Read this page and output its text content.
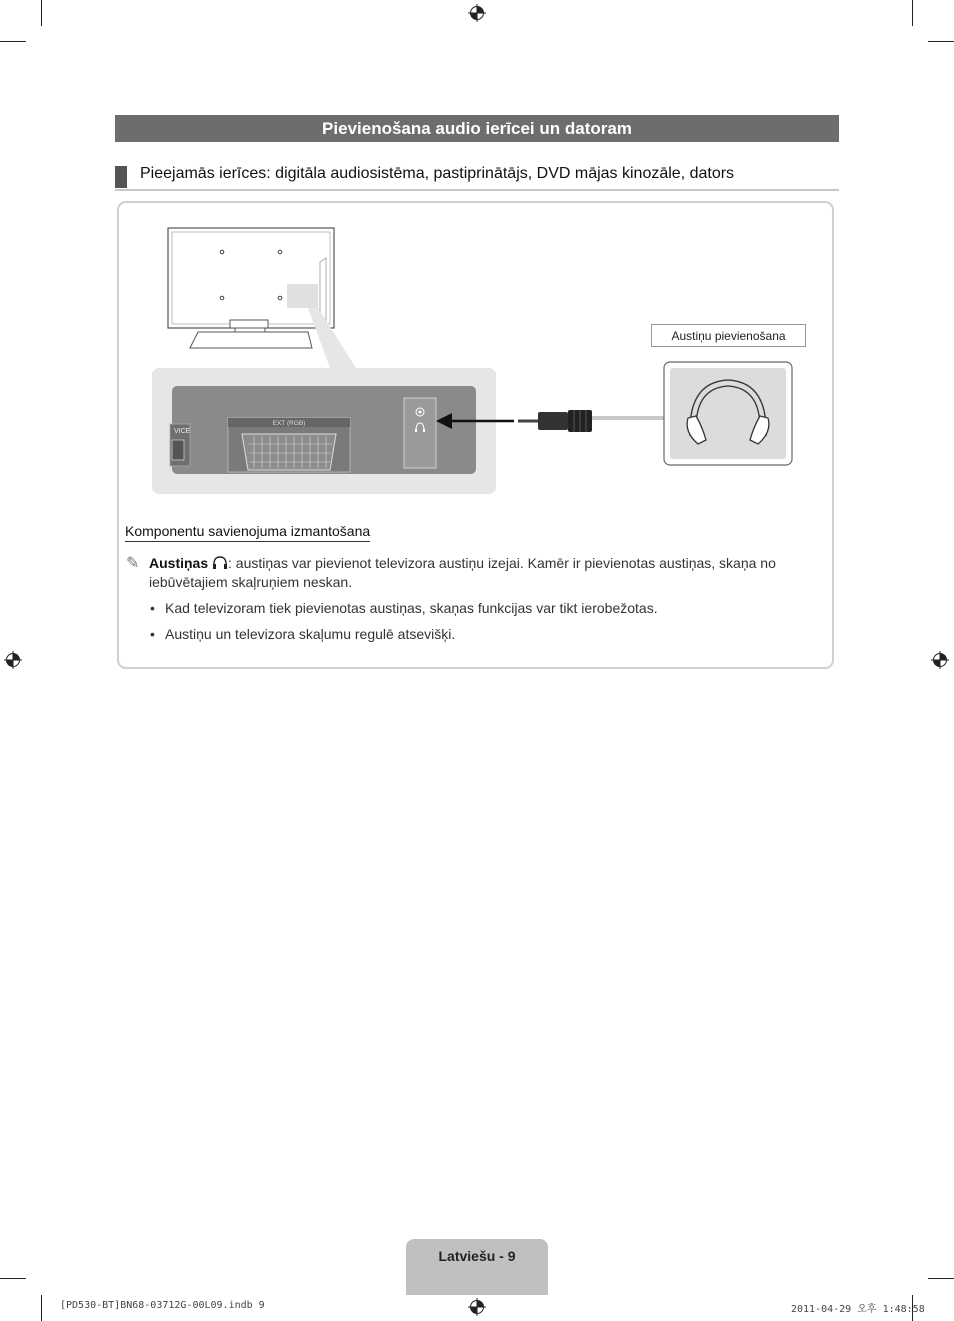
Pievienošana audio ierīcei un datoram
Pieejamās ierīces: digitāla audiosistēma, pastiprinātājs, DVD mājas kinozāle, dators
VICE
EXT (RGB)
Austiņu pievienošana
Komponentu savienojuma izmantošana
✎ Austiņas : austiņas var pievienot televizora austiņu izejai. Kamēr ir pievienotas austiņas, skaņa no iebūvētajiem skaļruņiem neskan.
• Kad televizoram tiek pievienotas austiņas, skaņas funkcijas var tikt ierobežotas.
• Austiņu un televizora skaļumu regulē atsevišķi.
Latviešu - 9
[PD530-BT]BN68-03712G-00L09.indb 9	2011-04-29 오후 1:48:58
